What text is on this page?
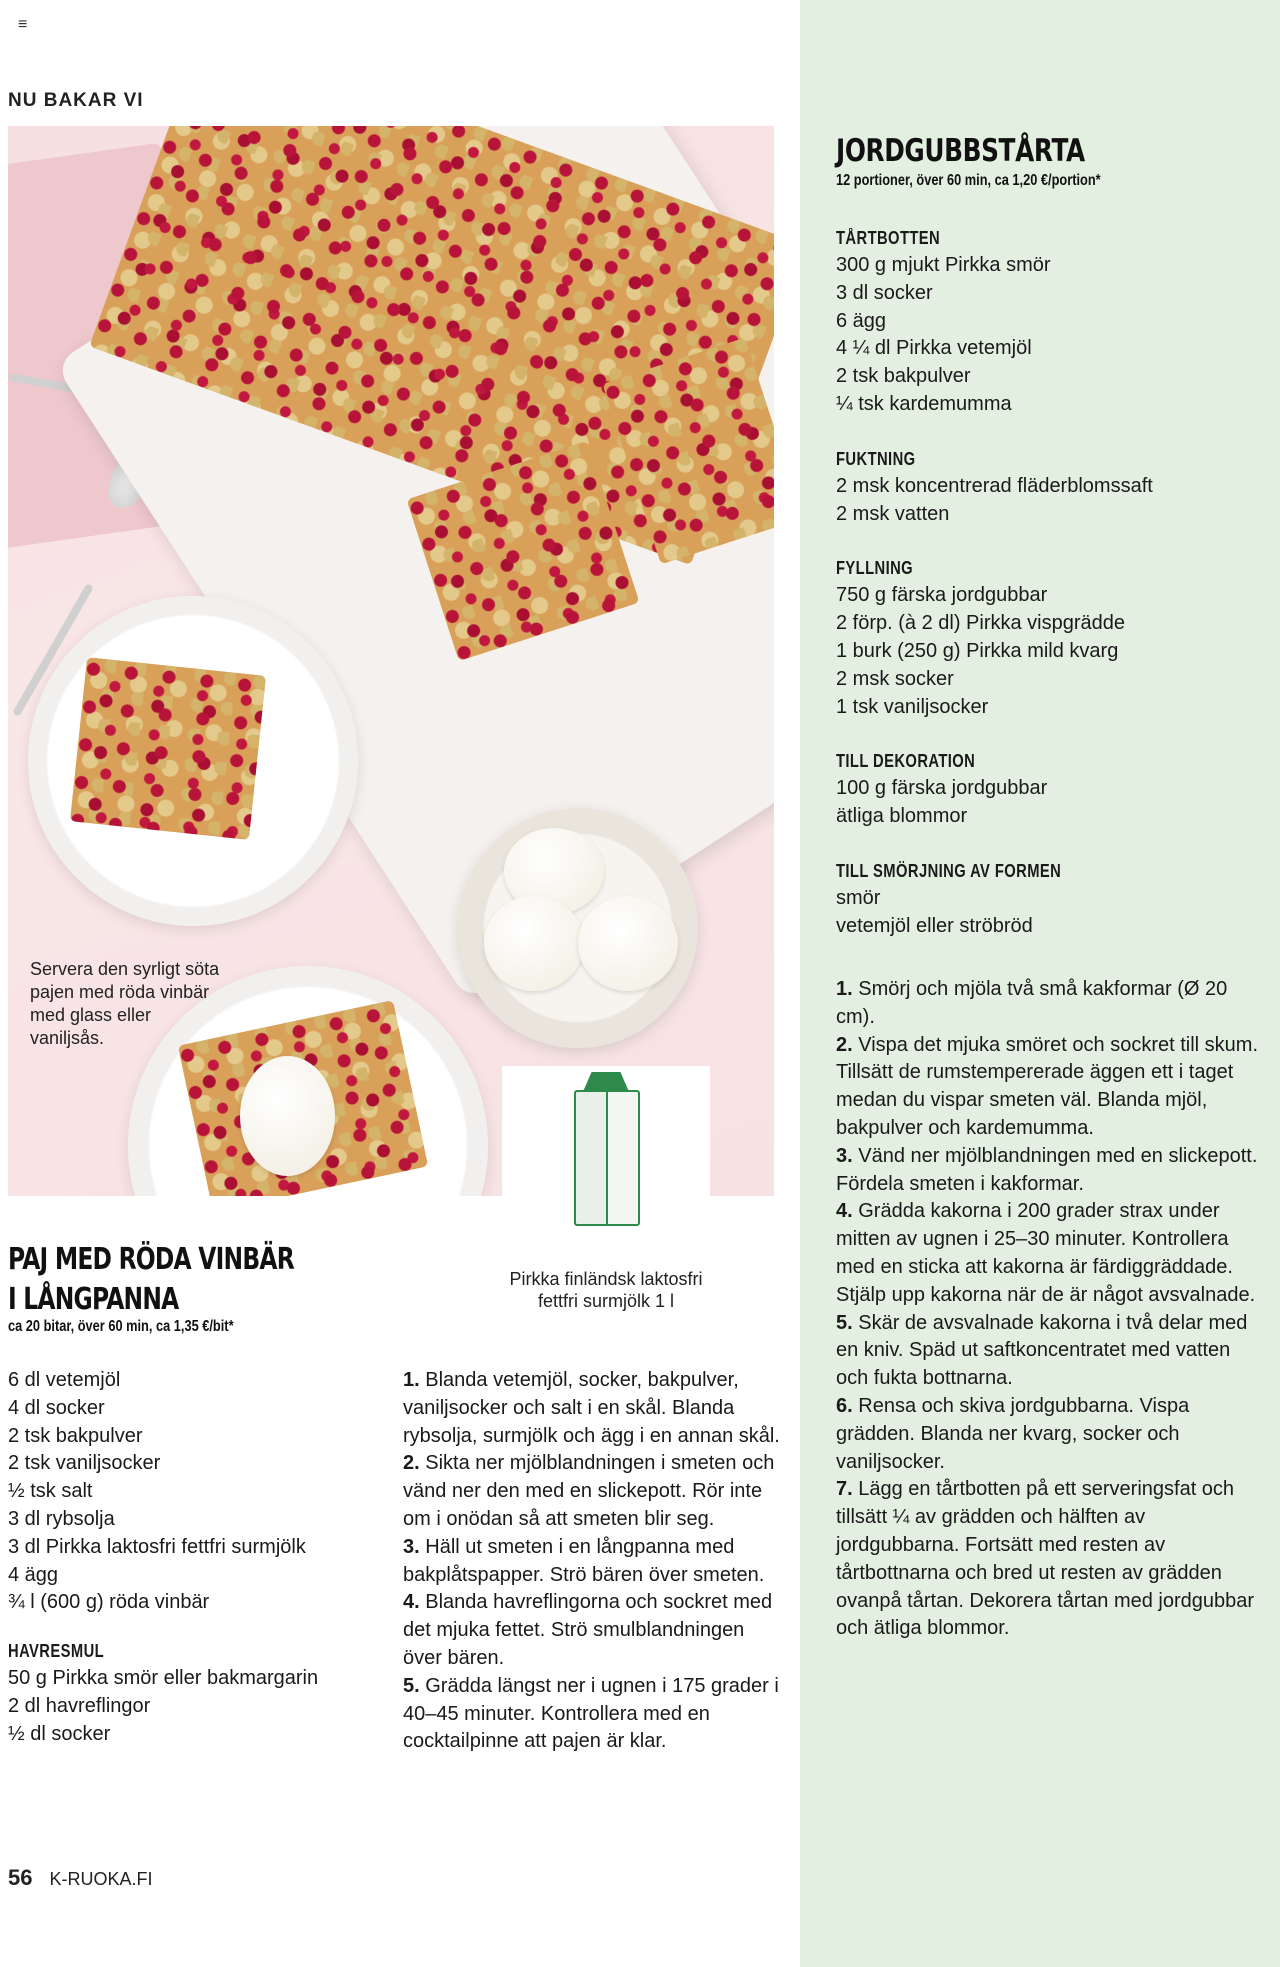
≡
NU BAKAR VI
Servera den syrligt söta pajen med röda vinbär med glass eller vaniljsås.
Pirkka finländsk laktosfri fettfri surmjölk 1 l
PAJ MED RÖDA VINBÄR
I LÅNGPANNA
ca 20 bitar, över 60 min, ca 1,35 €/bit*
6 dl vetemjöl
4 dl socker
2 tsk bakpulver
2 tsk vaniljsocker
½ tsk salt
3 dl rybsolja
3 dl Pirkka laktosfri fettfri surmjölk
4 ägg
¾ l (600 g) röda vinbär
HAVRESMUL
50 g Pirkka smör eller bakmargarin
2 dl havreflingor
½ dl socker
1. Blanda vetemjöl, socker, bakpulver, vaniljsocker och salt i en skål. Blanda rybsolja, surmjölk och ägg i en annan skål.
2. Sikta ner mjölblandningen i smeten och vänd ner den med en slickepott. Rör inte om i onödan så att smeten blir seg.
3. Häll ut smeten i en långpanna med bakplåtspapper. Strö bären över smeten.
4. Blanda havreflingorna och sockret med det mjuka fettet. Strö smulblandningen över bären.
5. Grädda längst ner i ugnen i 175 grader i 40–45 minuter. Kontrollera med en cocktailpinne att pajen är klar.
JORDGUBBSTÅRTA
12 portioner, över 60 min, ca 1,20 €/portion*
TÅRTBOTTEN
300 g mjukt Pirkka smör
3 dl socker
6 ägg
4 ¼ dl Pirkka vetemjöl
2 tsk bakpulver
¼ tsk kardemumma
FUKTNING
2 msk koncentrerad fläderblomssaft
2 msk vatten
FYLLNING
750 g färska jordgubbar
2 förp. (à 2 dl) Pirkka vispgrädde
1 burk (250 g) Pirkka mild kvarg
2 msk socker
1 tsk vaniljsocker
TILL DEKORATION
100 g färska jordgubbar
ätliga blommor
TILL SMÖRJNING AV FORMEN
smör
vetemjöl eller ströbröd
1. Smörj och mjöla två små kakformar (Ø 20 cm).
2. Vispa det mjuka smöret och sockret till skum. Tillsätt de rumstempererade äggen ett i taget medan du vispar smeten väl. Blanda mjöl, bakpulver och kardemumma.
3. Vänd ner mjölblandningen med en slickepott. Fördela smeten i kakformar.
4. Grädda kakorna i 200 grader strax under mitten av ugnen i 25–30 minuter. Kontrollera med en sticka att kakorna är färdiggräddade. Stjälp upp kakorna när de är något avsvalnade.
5. Skär de avsvalnade kakorna i två delar med en kniv. Späd ut saftkoncentratet med vatten och fukta bottnarna.
6. Rensa och skiva jordgubbarna. Vispa grädden. Blanda ner kvarg, socker och vaniljsocker.
7. Lägg en tårtbotten på ett serveringsfat och tillsätt ¼ av grädden och hälften av jordgubbarna. Fortsätt med resten av tårtbottnarna och bred ut resten av grädden ovanpå tårtan. Dekorera tårtan med jordgubbar och ätliga blommor.
56 K-RUOKA.FI
